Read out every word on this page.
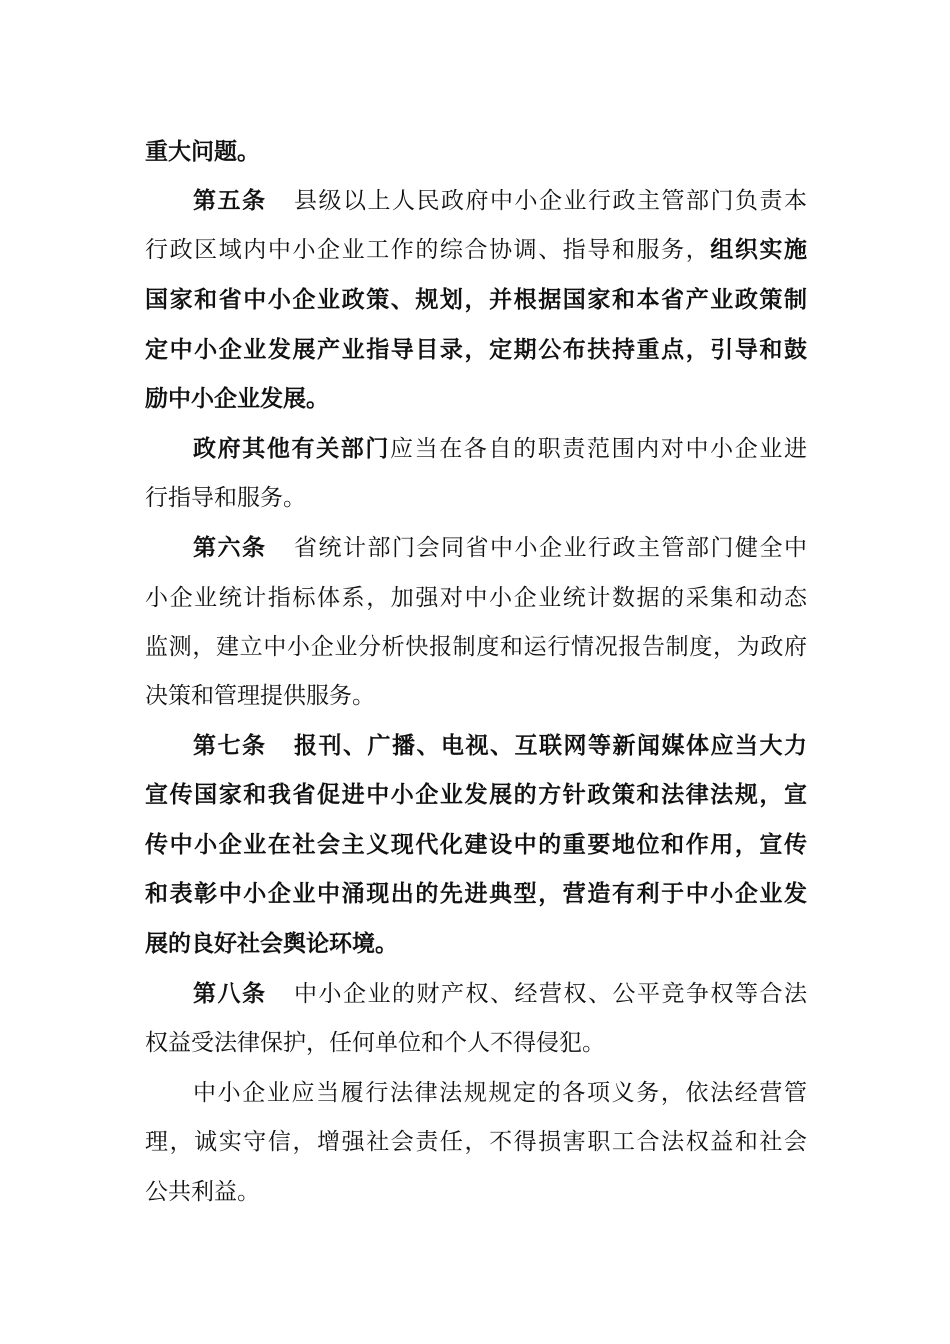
重大问题。
第五条 县级以上人民政府中小企业行政主管部门负责本
行政区域内中小企业工作的综合协调、指导和服务，组织实施
国家和省中小企业政策、规划，并根据国家和本省产业政策制
定中小企业发展产业指导目录，定期公布扶持重点，引导和鼓
励中小企业发展。
政府其他有关部门应当在各自的职责范围内对中小企业进
行指导和服务。
第六条 省统计部门会同省中小企业行政主管部门健全中
小企业统计指标体系，加强对中小企业统计数据的采集和动态
监测，建立中小企业分析快报制度和运行情况报告制度，为政府
决策和管理提供服务。
第七条 报刊、广播、电视、互联网等新闻媒体应当大力
宣传国家和我省促进中小企业发展的方针政策和法律法规，宣
传中小企业在社会主义现代化建设中的重要地位和作用，宣传
和表彰中小企业中涌现出的先进典型，营造有利于中小企业发
展的良好社会舆论环境。
第八条 中小企业的财产权、经营权、公平竞争权等合法
权益受法律保护，任何单位和个人不得侵犯。
中小企业应当履行法律法规规定的各项义务，依法经营管
理，诚实守信，增强社会责任，不得损害职工合法权益和社会
公共利益。
